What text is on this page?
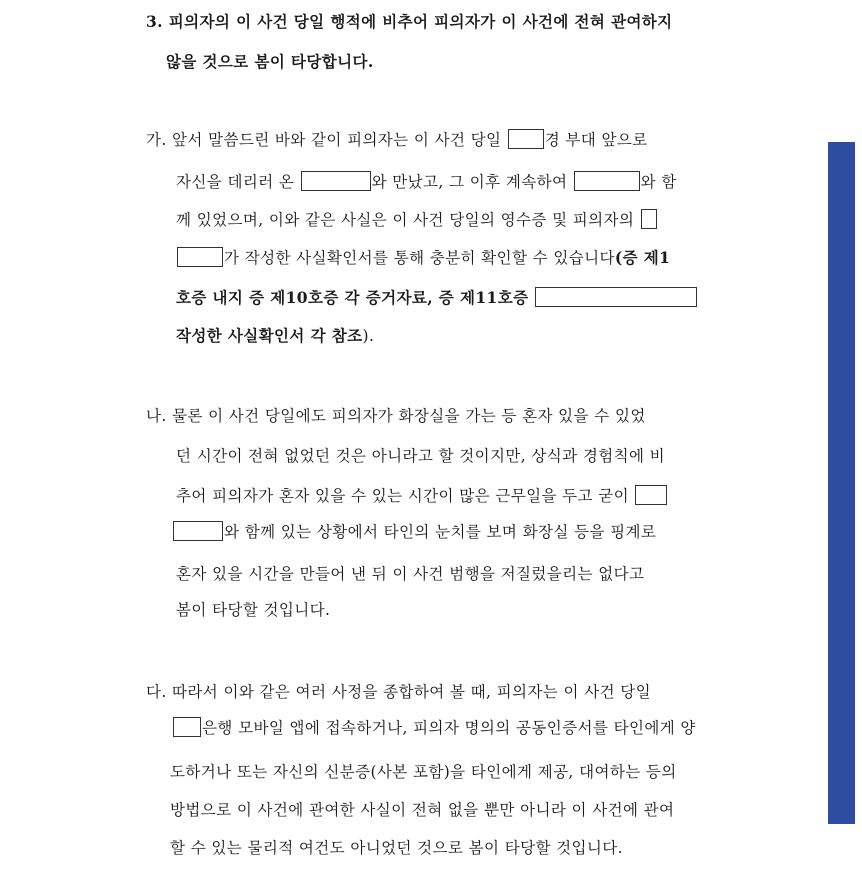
3. 피의자의 이 사건 당일 행적에 비추어 피의자가 이 사건에 전혀 관여하지
않을 것으로 봄이 타당합니다.
가. 앞서 말씀드린 바와 같이 피의자는 이 사건 당일	경 부대 앞으로
자신을 데리러 온	와 만났고, 그 이후 계속하여	와 함
께 있었으며, 이와 같은 사실은 이 사건 당일의 영수증 및 피의자의
가 작성한 사실확인서를 통해 충분히 확인할 수 있습니다(증 제1
호증 내지 증 제10호증 각 증거자료, 증 제11호증
작성한 사실확인서 각 참조).
나. 물론 이 사건 당일에도 피의자가 화장실을 가는 등 혼자 있을 수 있었
던 시간이 전혀 없었던 것은 아니라고 할 것이지만, 상식과 경험칙에 비
추어 피의자가 혼자 있을 수 있는 시간이 많은 근무일을 두고 굳이
와 함께 있는 상황에서 타인의 눈치를 보며 화장실 등을 핑계로
혼자 있을 시간을 만들어 낸 뒤 이 사건 범행을 저질렀을리는 없다고
봄이 타당할 것입니다.
다. 따라서 이와 같은 여러 사정을 종합하여 볼 때, 피의자는 이 사건 당일
은행 모바일 앱에 접속하거나, 피의자 명의의 공동인증서를 타인에게 양
도하거나 또는 자신의 신분증(사본 포함)을 타인에게 제공, 대여하는 등의
방법으로 이 사건에 관여한 사실이 전혀 없을 뿐만 아니라 이 사건에 관여
할 수 있는 물리적 여건도 아니었던 것으로 봄이 타당할 것입니다.
